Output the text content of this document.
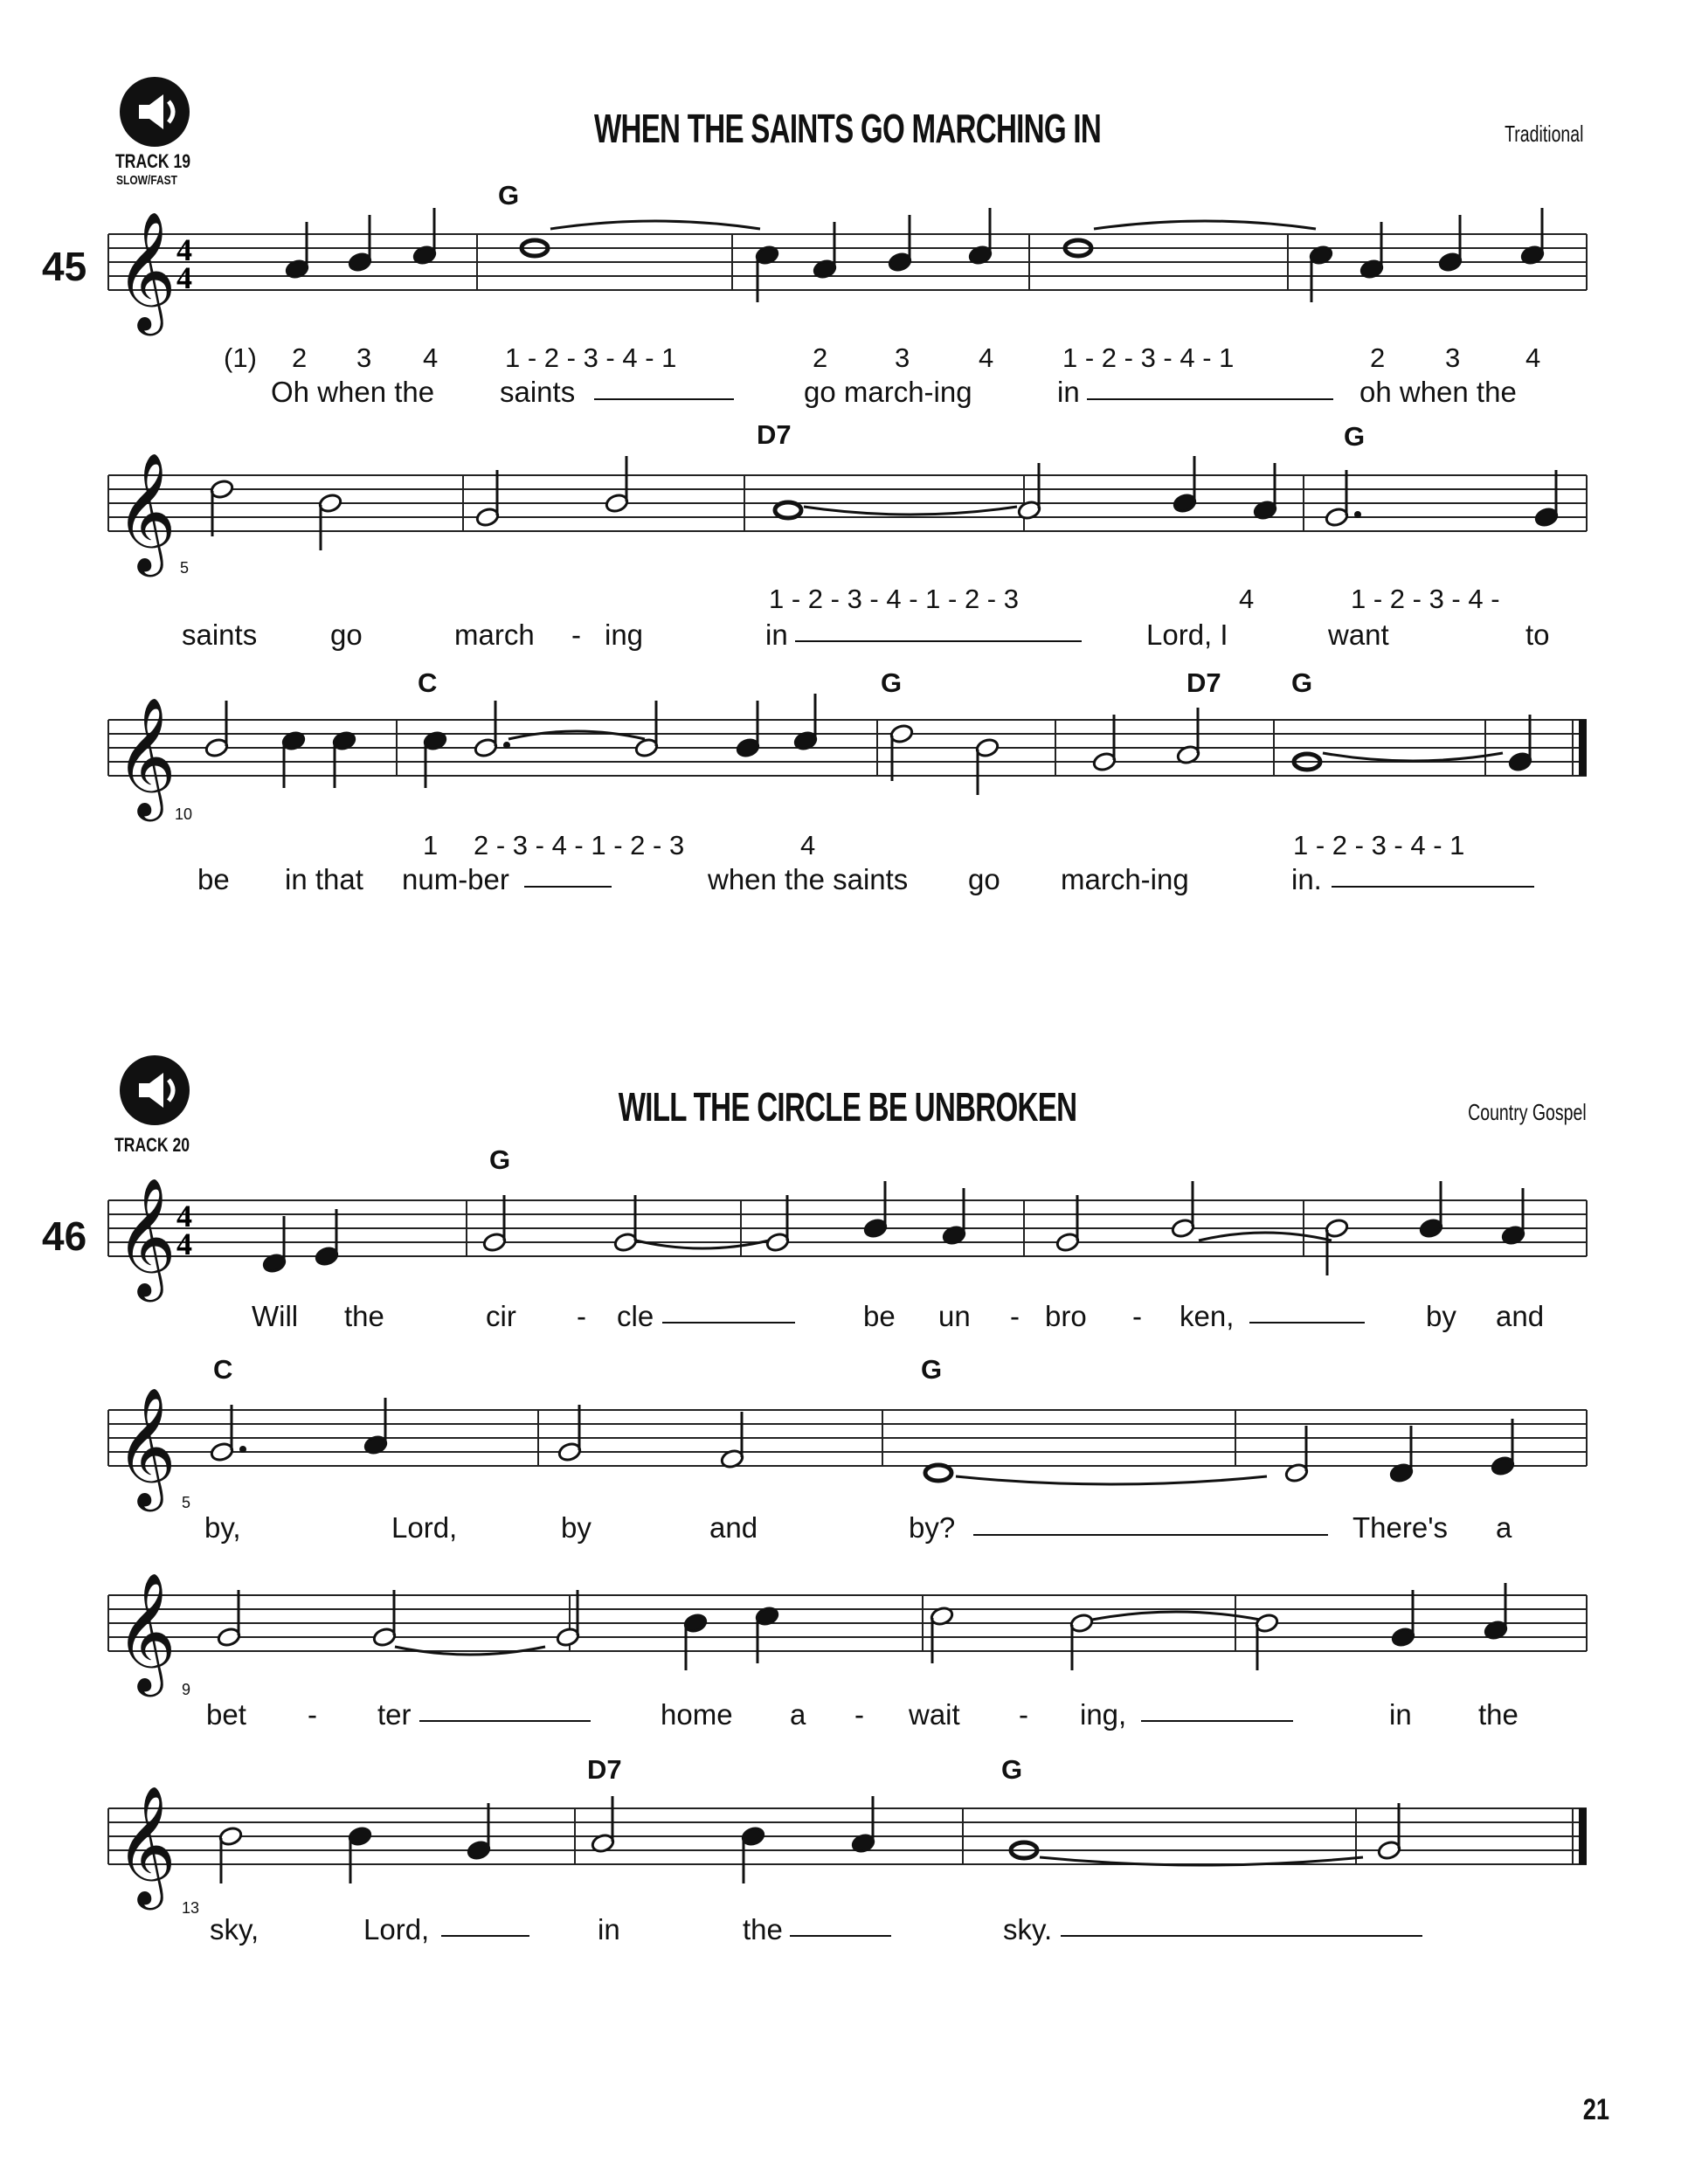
TRACK 19
SLOW/FAST
WHEN THE SAINTS GO MARCHING IN	Traditional
45
TRACK 20
WILL THE CIRCLE BE UNBROKEN	Country Gospel
46
G
D7	G
C	G	D7	G
G
C	G
D7	G
(1) 2 3 4 1 - 2 - 3 - 4 - 1	2 3	4	1 - 2 - 3 - 4 - 1	2 3 4
1 - 2 - 3 - 4 - 1 - 2 - 3	4	1 - 2 - 3 - 4 -
1 2 - 3 - 4 - 1 - 2 - 3	4	1 - 2 - 3 - 4 - 1
Oh when the saints	go march-ing	in	oh when the
saints	go	march - ing	in	Lord, I	want	to
be in that num-ber	when the saints go march-ing	in.
Will the	cir - cle	be un - bro - ken,	by and
by,	Lord,	by	and	by?	There's a
bet - ter	home a - wait - ing,	in the
sky,	Lord,	in	the	sky.
5
10
5
9
13
21
𝄞 4
4
𝄞
𝄞
𝄞 4
4
𝄞
𝄞
𝄞
